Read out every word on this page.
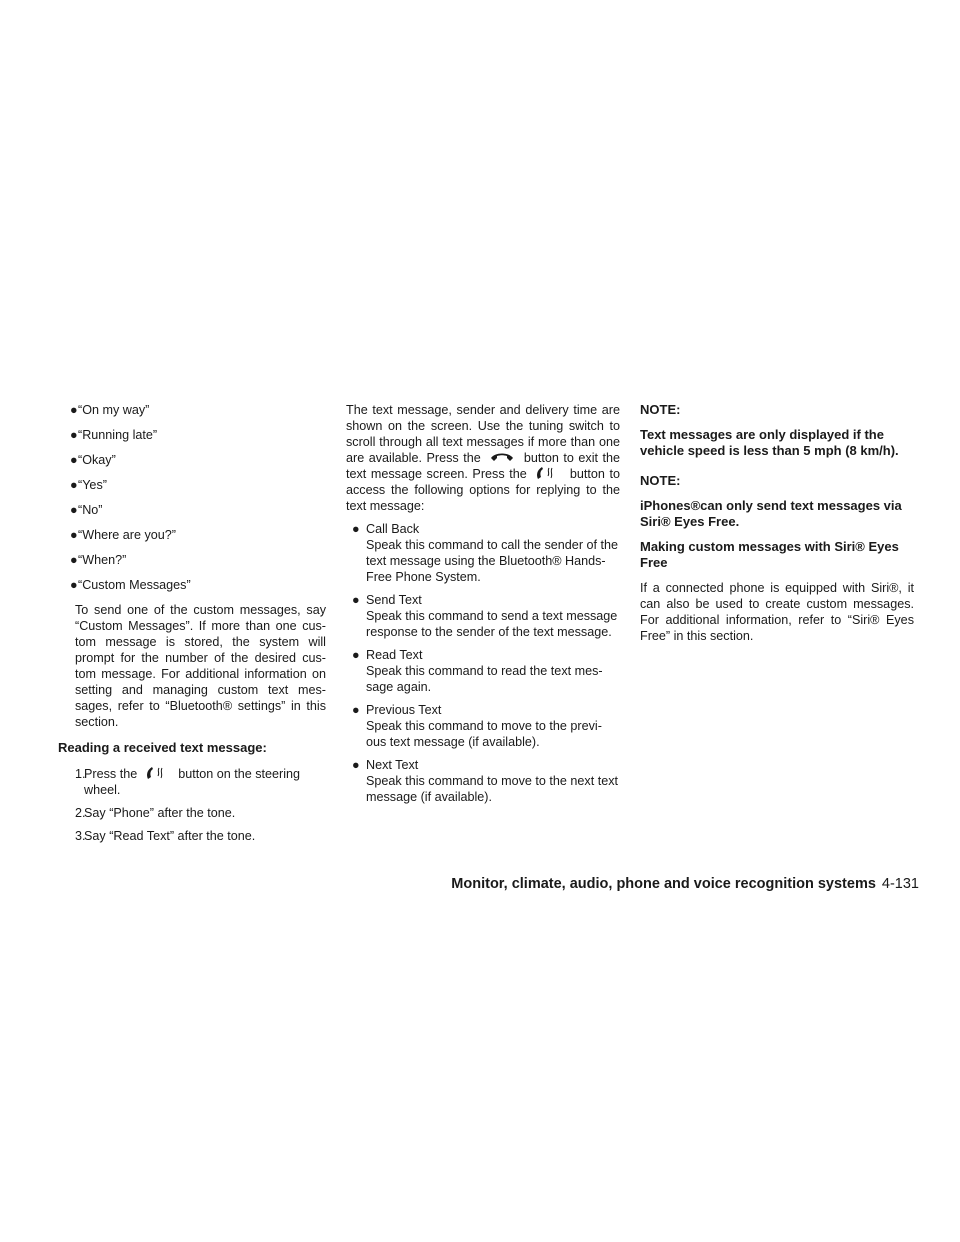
● “On my way”
● “Running late”
● “Okay”
● “Yes”
● “No”
● “Where are you?”
● “When?”
● “Custom Messages”

To send one of the custom messages, say “Custom Messages”. If more than one cus- tom message is stored, the system will prompt for the number of the desired cus- tom message. For additional information on setting and managing custom text mes- sages, refer to “Bluetooth® settings” in this section.

Reading a received text message:
1.
Press the	button on the steering wheel.
2.
Say “Phone” after the tone.
3.
Say “Read Text” after the tone.

The text message, sender and delivery time are shown on the screen. Use the tuning switch to scroll through all text messages if more than one are available. Press the	button to exit the text message screen. Press the	button to access the following options for replying to the text message:

● Call Back
Speak this command to call the sender of the text message using the Bluetooth® Hands-Free Phone System.
● Send Text
Speak this command to send a text message response to the sender of the text message.
● Read Text
Speak this command to read the text mes- sage again.
● Previous Text
Speak this command to move to the previ- ous text message (if available).
● Next Text
Speak this command to move to the next text message (if available).
NOTE:
Text messages are only displayed if the vehicle speed is less than 5 mph (8 km/h).
NOTE:
iPhones®can only send text messages via Siri® Eyes Free.
Making custom messages with Siri® Eyes Free

If a connected phone is equipped with Siri®, it can also be used to create custom messages. For additional information, refer to “Siri® Eyes Free” in this section.

Monitor, climate, audio, phone and voice recognition systems 4-131
